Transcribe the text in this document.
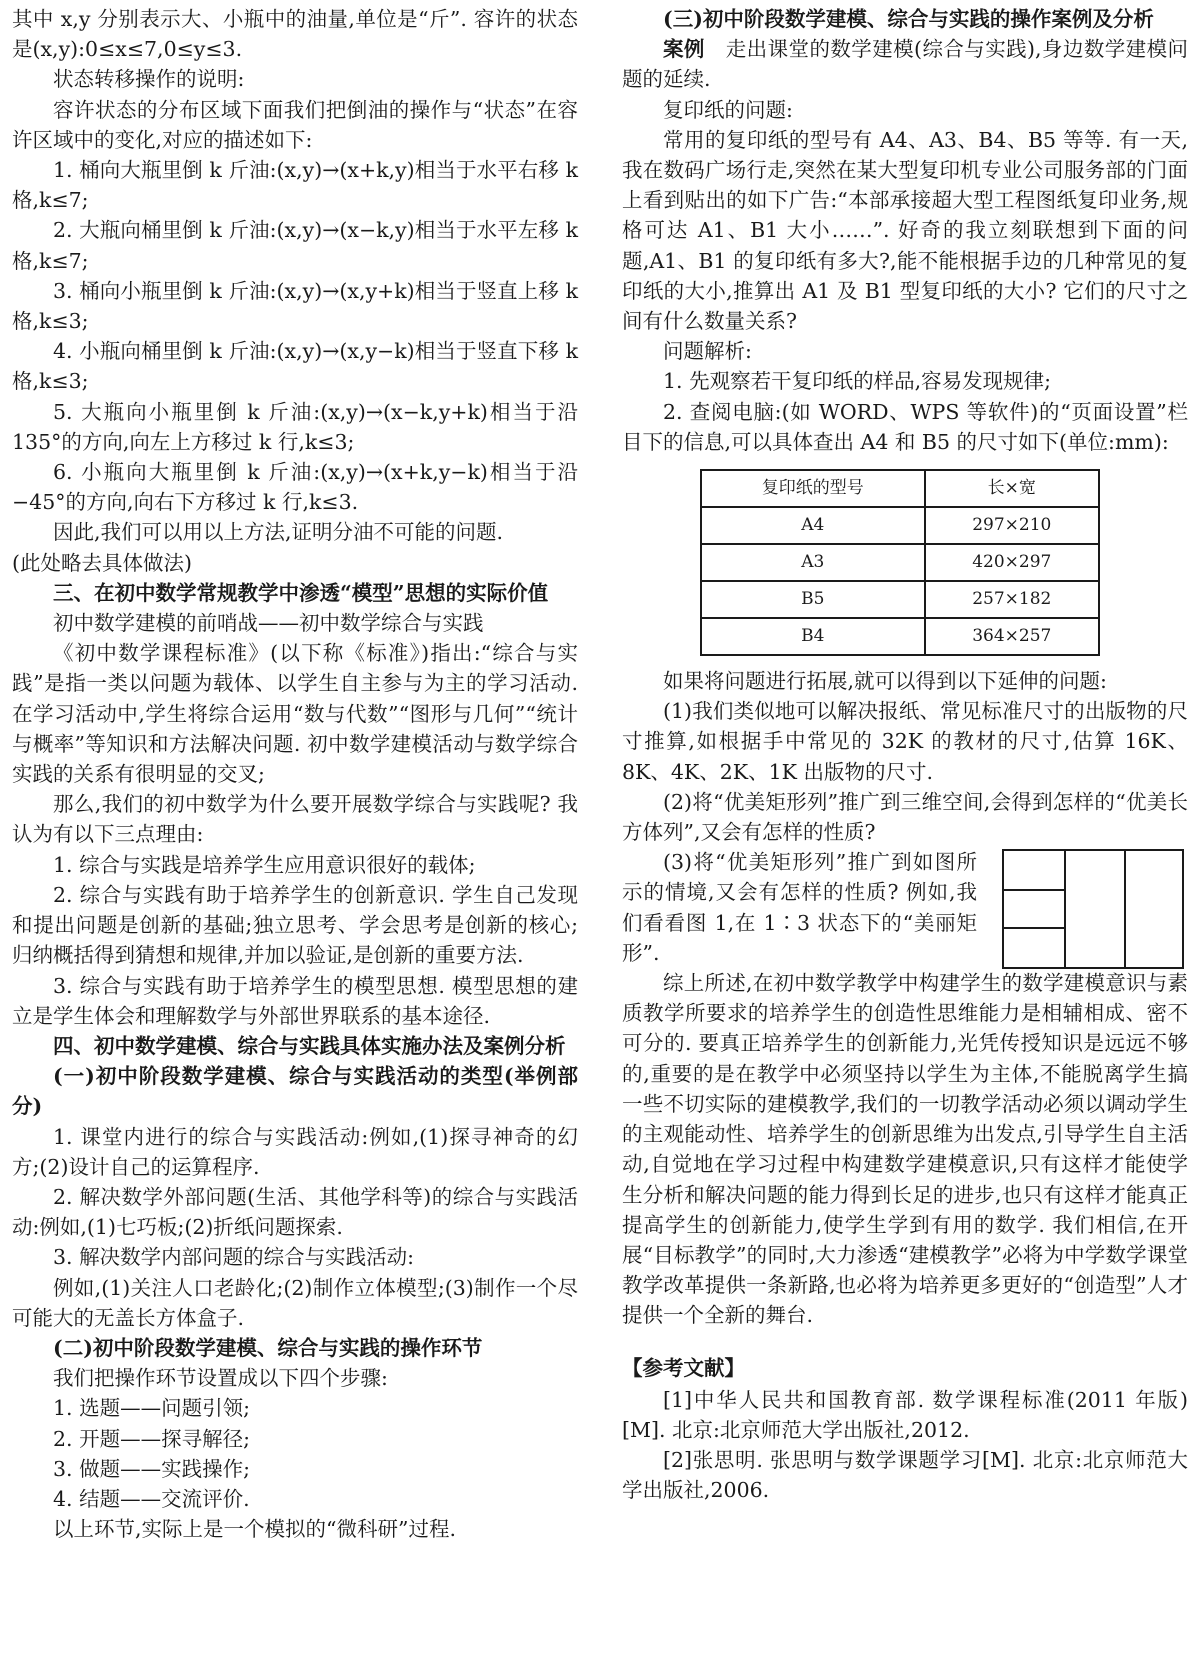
其中 x,y 分别表示大、小瓶中的油量,单位是“斤”. 容许的状态是(x,y):0≤x≤7,0≤y≤3.

状态转移操作的说明:

容许状态的分布区域下面我们把倒油的操作与“状态”在容许区域中的变化,对应的描述如下:

1. 桶向大瓶里倒 k 斤油:(x,y)→(x+k,y)相当于水平右移 k 格,k≤7;

2. 大瓶向桶里倒 k 斤油:(x,y)→(x−k,y)相当于水平左移 k 格,k≤7;

3. 桶向小瓶里倒 k 斤油:(x,y)→(x,y+k)相当于竖直上移 k 格,k≤3;

4. 小瓶向桶里倒 k 斤油:(x,y)→(x,y−k)相当于竖直下移 k 格,k≤3;

5. 大瓶向小瓶里倒 k 斤油:(x,y)→(x−k,y+k)相当于沿 135°的方向,向左上方移过 k 行,k≤3;

6. 小瓶向大瓶里倒 k 斤油:(x,y)→(x+k,y−k)相当于沿 −45°的方向,向右下方移过 k 行,k≤3.

因此,我们可以用以上方法,证明分油不可能的问题.

(此处略去具体做法)

三、在初中数学常规教学中渗透“模型”思想的实际价值

初中数学建模的前哨战——初中数学综合与实践

《初中数学课程标准》(以下称《标准》)指出:“综合与实践”是指一类以问题为载体、以学生自主参与为主的学习活动. 在学习活动中,学生将综合运用“数与代数”“图形与几何”“统计与概率”等知识和方法解决问题. 初中数学建模活动与数学综合实践的关系有很明显的交叉;

那么,我们的初中数学为什么要开展数学综合与实践呢? 我认为有以下三点理由:

1. 综合与实践是培养学生应用意识很好的载体;

2. 综合与实践有助于培养学生的创新意识. 学生自己发现和提出问题是创新的基础;独立思考、学会思考是创新的核心;归纳概括得到猜想和规律,并加以验证,是创新的重要方法.

3. 综合与实践有助于培养学生的模型思想. 模型思想的建立是学生体会和理解数学与外部世界联系的基本途径.

四、初中数学建模、综合与实践具体实施办法及案例分析

(一)初中阶段数学建模、综合与实践活动的类型(举例部分)

1. 课堂内进行的综合与实践活动:例如,(1)探寻神奇的幻方;(2)设计自己的运算程序.

2. 解决数学外部问题(生活、其他学科等)的综合与实践活动:例如,(1)七巧板;(2)折纸问题探索.

3. 解决数学内部问题的综合与实践活动:

例如,(1)关注人口老龄化;(2)制作立体模型;(3)制作一个尽可能大的无盖长方体盒子.

(二)初中阶段数学建模、综合与实践的操作环节

我们把操作环节设置成以下四个步骤:

1. 选题——问题引领;

2. 开题——探寻解径;

3. 做题——实践操作;

4. 结题——交流评价.

以上环节,实际上是一个模拟的“微科研”过程.

(三)初中阶段数学建模、综合与实践的操作案例及分析

案例　 走出课堂的数学建模(综合与实践),身边数学建模问题的延续.

复印纸的问题:

常用的复印纸的型号有 A4、A3、B4、B5 等等. 有一天,我在数码广场行走,突然在某大型复印机专业公司服务部的门面上看到贴出的如下广告:“本部承接超大型工程图纸复印业务,规格可达 A1、B1 大小……”. 好奇的我立刻联想到下面的问题,A1、B1 的复印纸有多大?,能不能根据手边的几种常见的复印纸的大小,推算出 A1 及 B1 型复印纸的大小? 它们的尺寸之间有什么数量关系?

问题解析:

1. 先观察若干复印纸的样品,容易发现规律;

2. 查阅电脑:(如 WORD、WPS 等软件)的“页面设置”栏目下的信息,可以具体查出 A4 和 B5 的尺寸如下(单位:mm):

复印纸的型号	长×宽
A4	297×210
A3	420×297
B5	257×182
B4	364×257

如果将问题进行拓展,就可以得到以下延伸的问题:

(1)我们类似地可以解决报纸、常见标准尺寸的出版物的尺寸推算,如根据手中常见的 32K 的教材的尺寸,估算 16K、8K、4K、2K、1K 出版物的尺寸.

(2)将“优美矩形列”推广到三维空间,会得到怎样的“优美长方体列”,又会有怎样的性质?

(3)将“优美矩形列”推广到如图所示的情境,又会有怎样的性质? 例如,我们看看图 1,在 1∶3 状态下的“美丽矩形”.

综上所述,在初中数学教学中构建学生的数学建模意识与素质教学所要求的培养学生的创造性思维能力是相辅相成、密不可分的. 要真正培养学生的创新能力,光凭传授知识是远远不够的,重要的是在教学中必须坚持以学生为主体,不能脱离学生搞一些不切实际的建模教学,我们的一切教学活动必须以调动学生的主观能动性、培养学生的创新思维为出发点,引导学生自主活动,自觉地在学习过程中构建数学建模意识,只有这样才能使学生分析和解决问题的能力得到长足的进步,也只有这样才能真正提高学生的创新能力,使学生学到有用的数学. 我们相信,在开展“目标教学”的同时,大力渗透“建模教学”必将为中学数学课堂教学改革提供一条新路,也必将为培养更多更好的“创造型”人才提供一个全新的舞台.

【参考文献】

[1]中华人民共和国教育部. 数学课程标准(2011 年版)[M]. 北京:北京师范大学出版社,2012.

[2]张思明. 张思明与数学课题学习[M]. 北京:北京师范大学出版社,2006.
